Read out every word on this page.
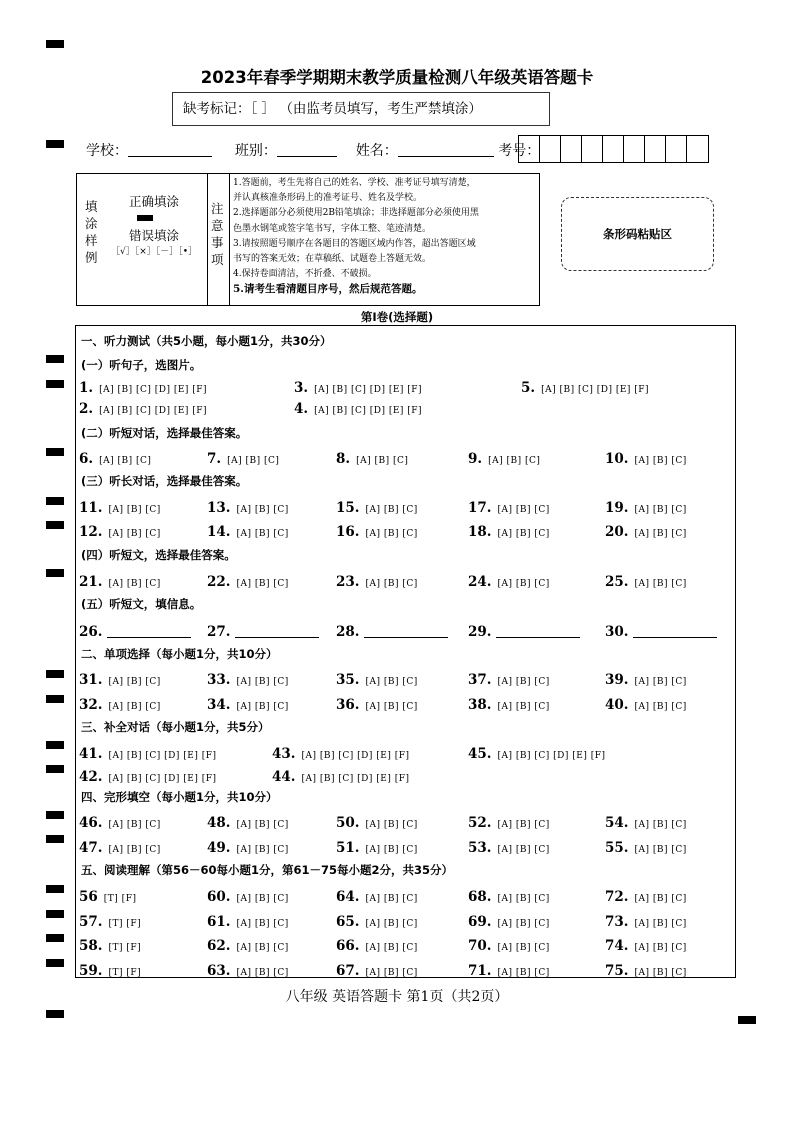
2023年春季学期期末教学质量检测八年级英语答题卡
缺考标记：［ ］ （由监考员填写，考生严禁填涂）
学校：	班别：	姓名：	考号：
填涂样例
正确填涂
错误填涂
［√］［×］［－］［•］
注意事项
1.答题前，考生先将自己的姓名、学校、准考证号填写清楚，
并认真核准条形码上的准考证号、姓名及学校。
2.选择题部分必须使用2B铅笔填涂；非选择题部分必须使用黑
色墨水钢笔或签字笔书写，字体工整、笔迹清楚。
3.请按照题号顺序在各题目的答题区域内作答，超出答题区域
书写的答案无效；在草稿纸、试题卷上答题无效。
4.保持卷面清洁，不折叠、不破损。
5.请考生看清题目序号，然后规范答题。
条形码粘贴区
第Ⅰ卷(选择题)
一、听力测试（共5小题，每小题1分，共30分）
(一）听句子，选图片。
(二）听短对话，选择最佳答案。
(三）听长对话，选择最佳答案。
(四）听短文，选择最佳答案。
(五）听短文，填信息。
二、单项选择（每小题1分，共10分）
三、补全对话（每小题1分，共5分）
四、完形填空（每小题1分，共10分）
五、阅读理解（第56－60每小题1分，第61－75每小题2分，共35分）
1. [A] [B] [C] [D] [E] [F]	3. [A] [B] [C] [D] [E] [F]	5. [A] [B] [C] [D] [E] [F]
2. [A] [B] [C] [D] [E] [F]	4. [A] [B] [C] [D] [E] [F]
6. [A] [B] [C]	7. [A] [B] [C]	8. [A] [B] [C]	9. [A] [B] [C]	10. [A] [B] [C]
11. [A] [B] [C]	13. [A] [B] [C]	15. [A] [B] [C]	17. [A] [B] [C]	19. [A] [B] [C]
12. [A] [B] [C]	14. [A] [B] [C]	16. [A] [B] [C]	18. [A] [B] [C]	20. [A] [B] [C]
21. [A] [B] [C]	22. [A] [B] [C]	23. [A] [B] [C]	24. [A] [B] [C]	25. [A] [B] [C]
26.	27.	28.	29.	30.
31. [A] [B] [C]	33. [A] [B] [C]	35. [A] [B] [C]	37. [A] [B] [C]	39. [A] [B] [C]
32. [A] [B] [C]	34. [A] [B] [C]	36. [A] [B] [C]	38. [A] [B] [C]	40. [A] [B] [C]
41. [A] [B] [C] [D] [E] [F]	43. [A] [B] [C] [D] [E] [F]	45. [A] [B] [C] [D] [E] [F]
42. [A] [B] [C] [D] [E] [F]	44. [A] [B] [C] [D] [E] [F]
46. [A] [B] [C]	48. [A] [B] [C]	50. [A] [B] [C]	52. [A] [B] [C]	54. [A] [B] [C]
47. [A] [B] [C]	49. [A] [B] [C]	51. [A] [B] [C]	53. [A] [B] [C]	55. [A] [B] [C]
56 [T] [F]	60. [A] [B] [C]	64. [A] [B] [C]	68. [A] [B] [C]	72. [A] [B] [C]
57. [T] [F]	61. [A] [B] [C]	65. [A] [B] [C]	69. [A] [B] [C]	73. [A] [B] [C]
58. [T] [F]	62. [A] [B] [C]	66. [A] [B] [C]	70. [A] [B] [C]	74. [A] [B] [C]
59. [T] [F]	63. [A] [B] [C]	67. [A] [B] [C]	71. [A] [B] [C]	75. [A] [B] [C]
八年级 英语答题卡 第1页（共2页）
